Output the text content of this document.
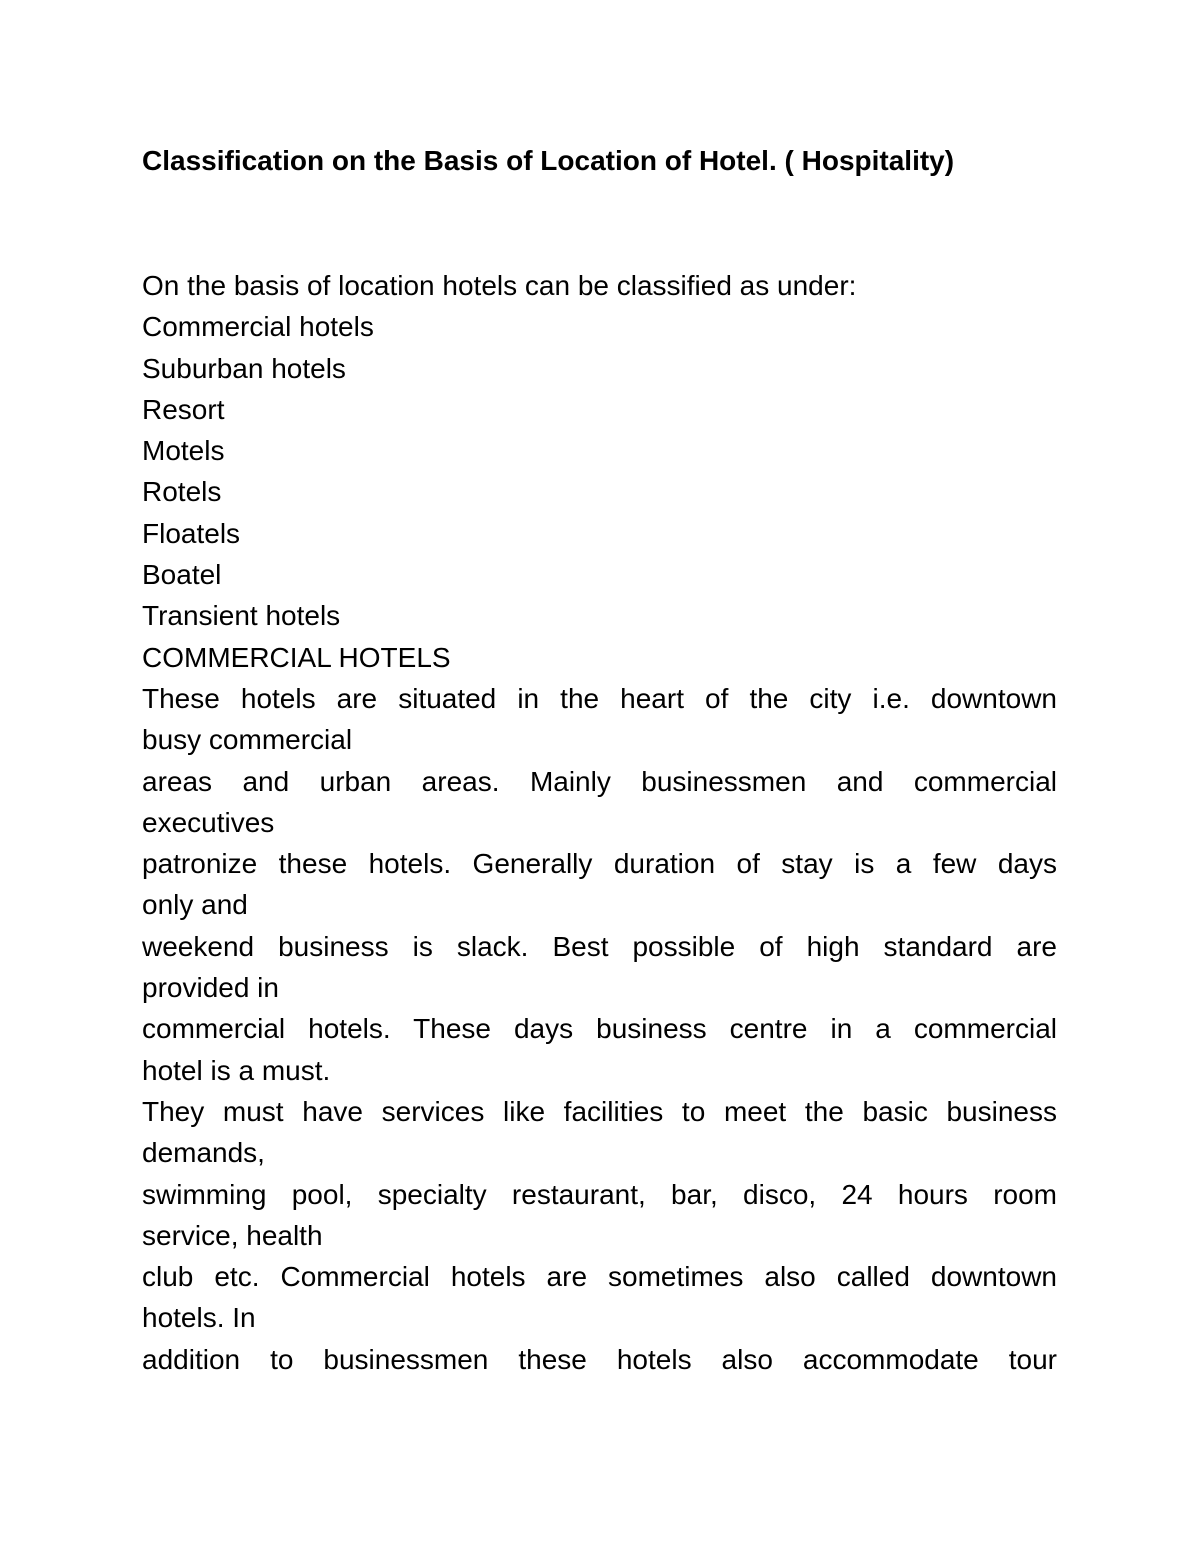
Classification on the Basis of Location of Hotel. ( Hospitality)
On the basis of location hotels can be classified as under:
Commercial hotels
Suburban hotels
Resort
Motels
Rotels
Floatels
Boatel
Transient hotels
COMMERCIAL HOTELS
These hotels are situated in the heart of the city i.e. downtown
busy commercial
areas and urban areas. Mainly businessmen and commercial
executives
patronize these hotels. Generally duration of stay is a few days
only and
weekend business is slack. Best possible of high standard are
provided in
commercial hotels. These days business centre in a commercial
hotel is a must.
They must have services like facilities to meet the basic business
demands,
swimming pool, specialty restaurant, bar, disco, 24 hours room
service, health
club etc. Commercial hotels are sometimes also called downtown
hotels. In
addition to businessmen these hotels also accommodate tour
